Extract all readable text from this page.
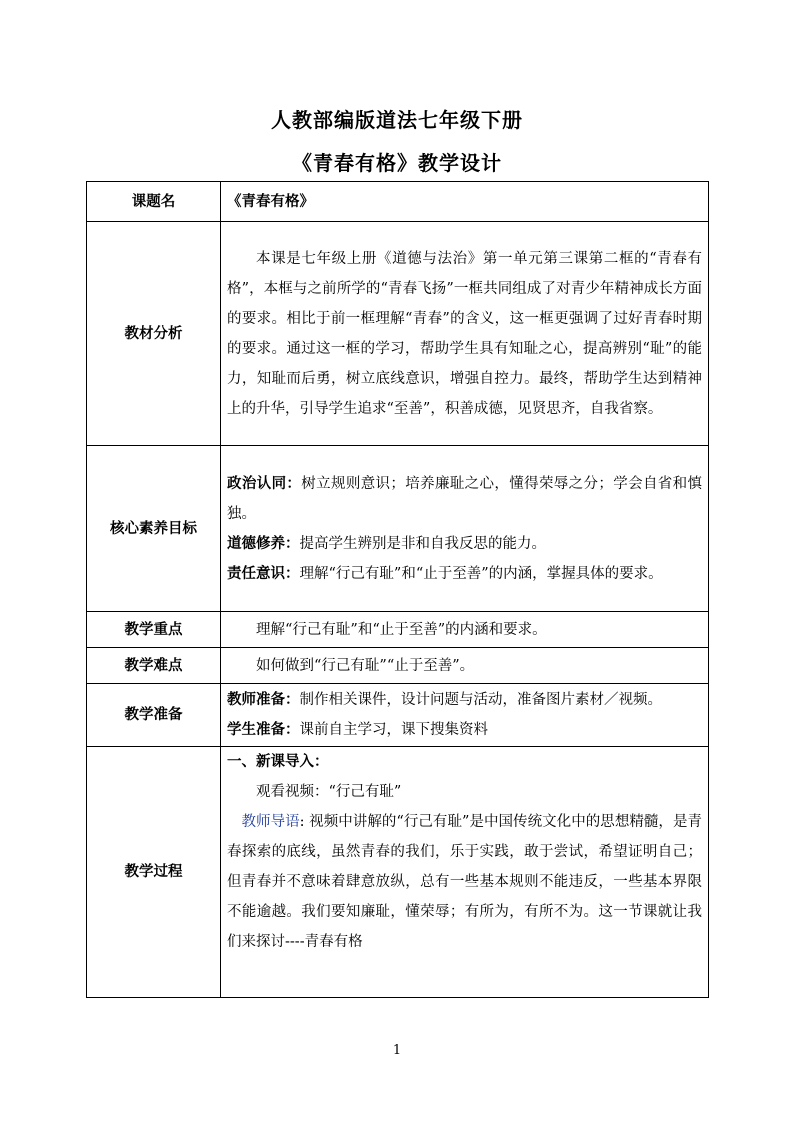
人教部编版道法七年级下册
《青春有格》教学设计
课题名	《青春有格》
教材分析	本课是七年级上册《道德与法治》第一单元第三课第二框的“青春有格”，本框与之前所学的“青春飞扬”一框共同组成了对青少年精神成长方面的要求。相比于前一框理解“青春”的含义，这一框更强调了过好青春时期的要求。通过这一框的学习，帮助学生具有知耻之心，提高辨别“耻”的能力，知耻而后勇，树立底线意识，增强自控力。最终，帮助学生达到精神上的升华，引导学生追求“至善”，积善成德，见贤思齐，自我省察。

核心素养目标	政治认同：树立规则意识；培养廉耻之心，懂得荣辱之分；学会自省和慎独。

道德修养：提高学生辨别是非和自我反思的能力。

责任意识：理解“行己有耻”和“止于至善”的内涵，掌握具体的要求。

教学重点	理解“行己有耻”和“止于至善”的内涵和要求。
教学难点	如何做到“行己有耻”“止于至善”。
教学准备	教师准备：制作相关课件，设计问题与活动，准备图片素材／视频。

学生准备：课前自主学习，课下搜集资料

教学过程	一、新课导入：

观看视频：“行己有耻”

教师导语: 视频中讲解的“行己有耻”是中国传统文化中的思想精髓，是青春探索的底线，虽然青春的我们，乐于实践，敢于尝试，希望证明自己；但青春并不意味着肆意放纵，总有一些基本规则不能违反，一些基本界限不能逾越。我们要知廉耻，懂荣辱；有所为，有所不为。这一节课就让我们来探讨----青春有格

1
